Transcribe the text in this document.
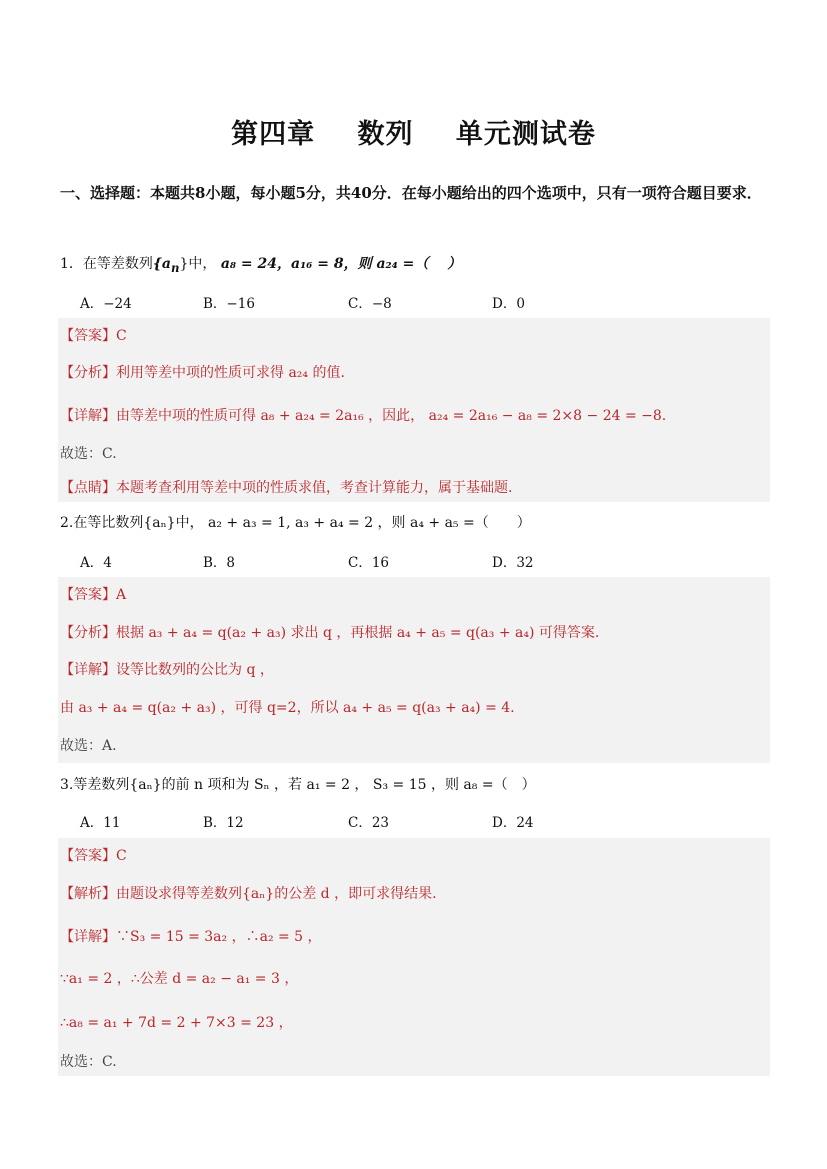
第四章 数列 单元测试卷
一、选择题：本题共8小题，每小题5分，共40分．在每小题给出的四个选项中，只有一项符合题目要求．
1．在等差数列$\{a_n\}$中， a₈ = 24，a₁₆ = 8，则 a₂₄ =（　 ）
A．−24	B．−16	C．−8	D．0
【答案】C
【分析】利用等差中项的性质可求得 a₂₄ 的值.
【详解】由等差中项的性质可得 a₈ + a₂₄ = 2a₁₆ ，因此， a₂₄ = 2a₁₆ − a₈ = 2×8 − 24 = −8.
故选：C.
【点睛】本题考查利用等差中项的性质求值，考查计算能力，属于基础题.
2.在等比数列{aₙ}中， a₂ + a₃ = 1, a₃ + a₄ = 2 ，则 a₄ + a₅ =（　　）
A．4	B．8	C．16	D．32
【答案】A
【分析】根据 a₃ + a₄ = q(a₂ + a₃) 求出 q ，再根据 a₄ + a₅ = q(a₃ + a₄) 可得答案.
【详解】设等比数列的公比为 q ，
由 a₃ + a₄ = q(a₂ + a₃) ，可得 q=2，所以 a₄ + a₅ = q(a₃ + a₄) = 4.
故选：A.
3.等差数列{aₙ}的前 n 项和为 Sₙ ，若 a₁ = 2 ， S₃ = 15 ，则 a₈ =（　）
A．11	B．12	C．23	D．24
【答案】C
【解析】由题设求得等差数列{aₙ}的公差 d ，即可求得结果.
【详解】∵S₃ = 15 = 3a₂ ，∴a₂ = 5 ，
∵a₁ = 2 ，∴公差 d = a₂ − a₁ = 3 ，
∴a₈ = a₁ + 7d = 2 + 7×3 = 23 ，
故选：C.
